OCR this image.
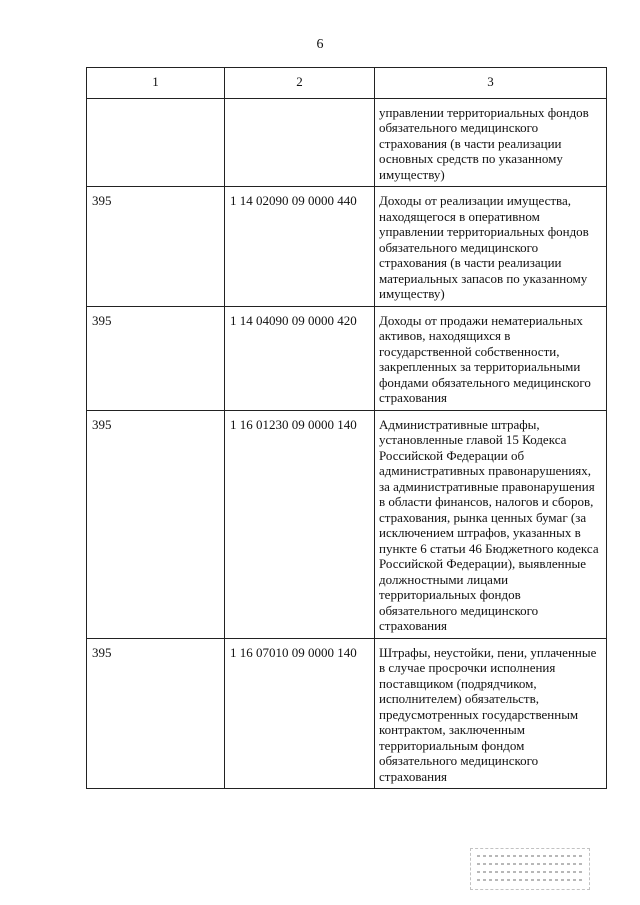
6
1	2	3
		управлении территориальных фондов обязательного медицинского страхования (в части реализации основных средств по указанному имуществу)
395	1 14 02090 09 0000 440	Доходы от реализации имущества, находящегося в оперативном управлении территориальных фондов обязательного медицинского страхования (в части реализации материальных запасов по указанному имуществу)
395	1 14 04090 09 0000 420	Доходы от продажи нематериальных активов, находящихся в государственной собственности, закрепленных за территориальными фондами обязательного медицинского страхования
395	1 16 01230 09 0000 140	Административные штрафы, установленные главой 15 Кодекса Российской Федерации об административных правонарушениях, за административные правонарушения в области финансов, налогов и сборов, страхования, рынка ценных бумаг (за исключением штрафов, указанных в пункте 6 статьи 46 Бюджетного кодекса Российской Федерации), выявленные должностными лицами территориальных фондов обязательного медицинского страхования
395	1 16 07010 09 0000 140	Штрафы, неустойки, пени, уплаченные в случае просрочки исполнения поставщиком (подрядчиком, исполнителем) обязательств, предусмотренных государственным контрактом, заключенным территориальным фондом обязательного медицинского страхования
